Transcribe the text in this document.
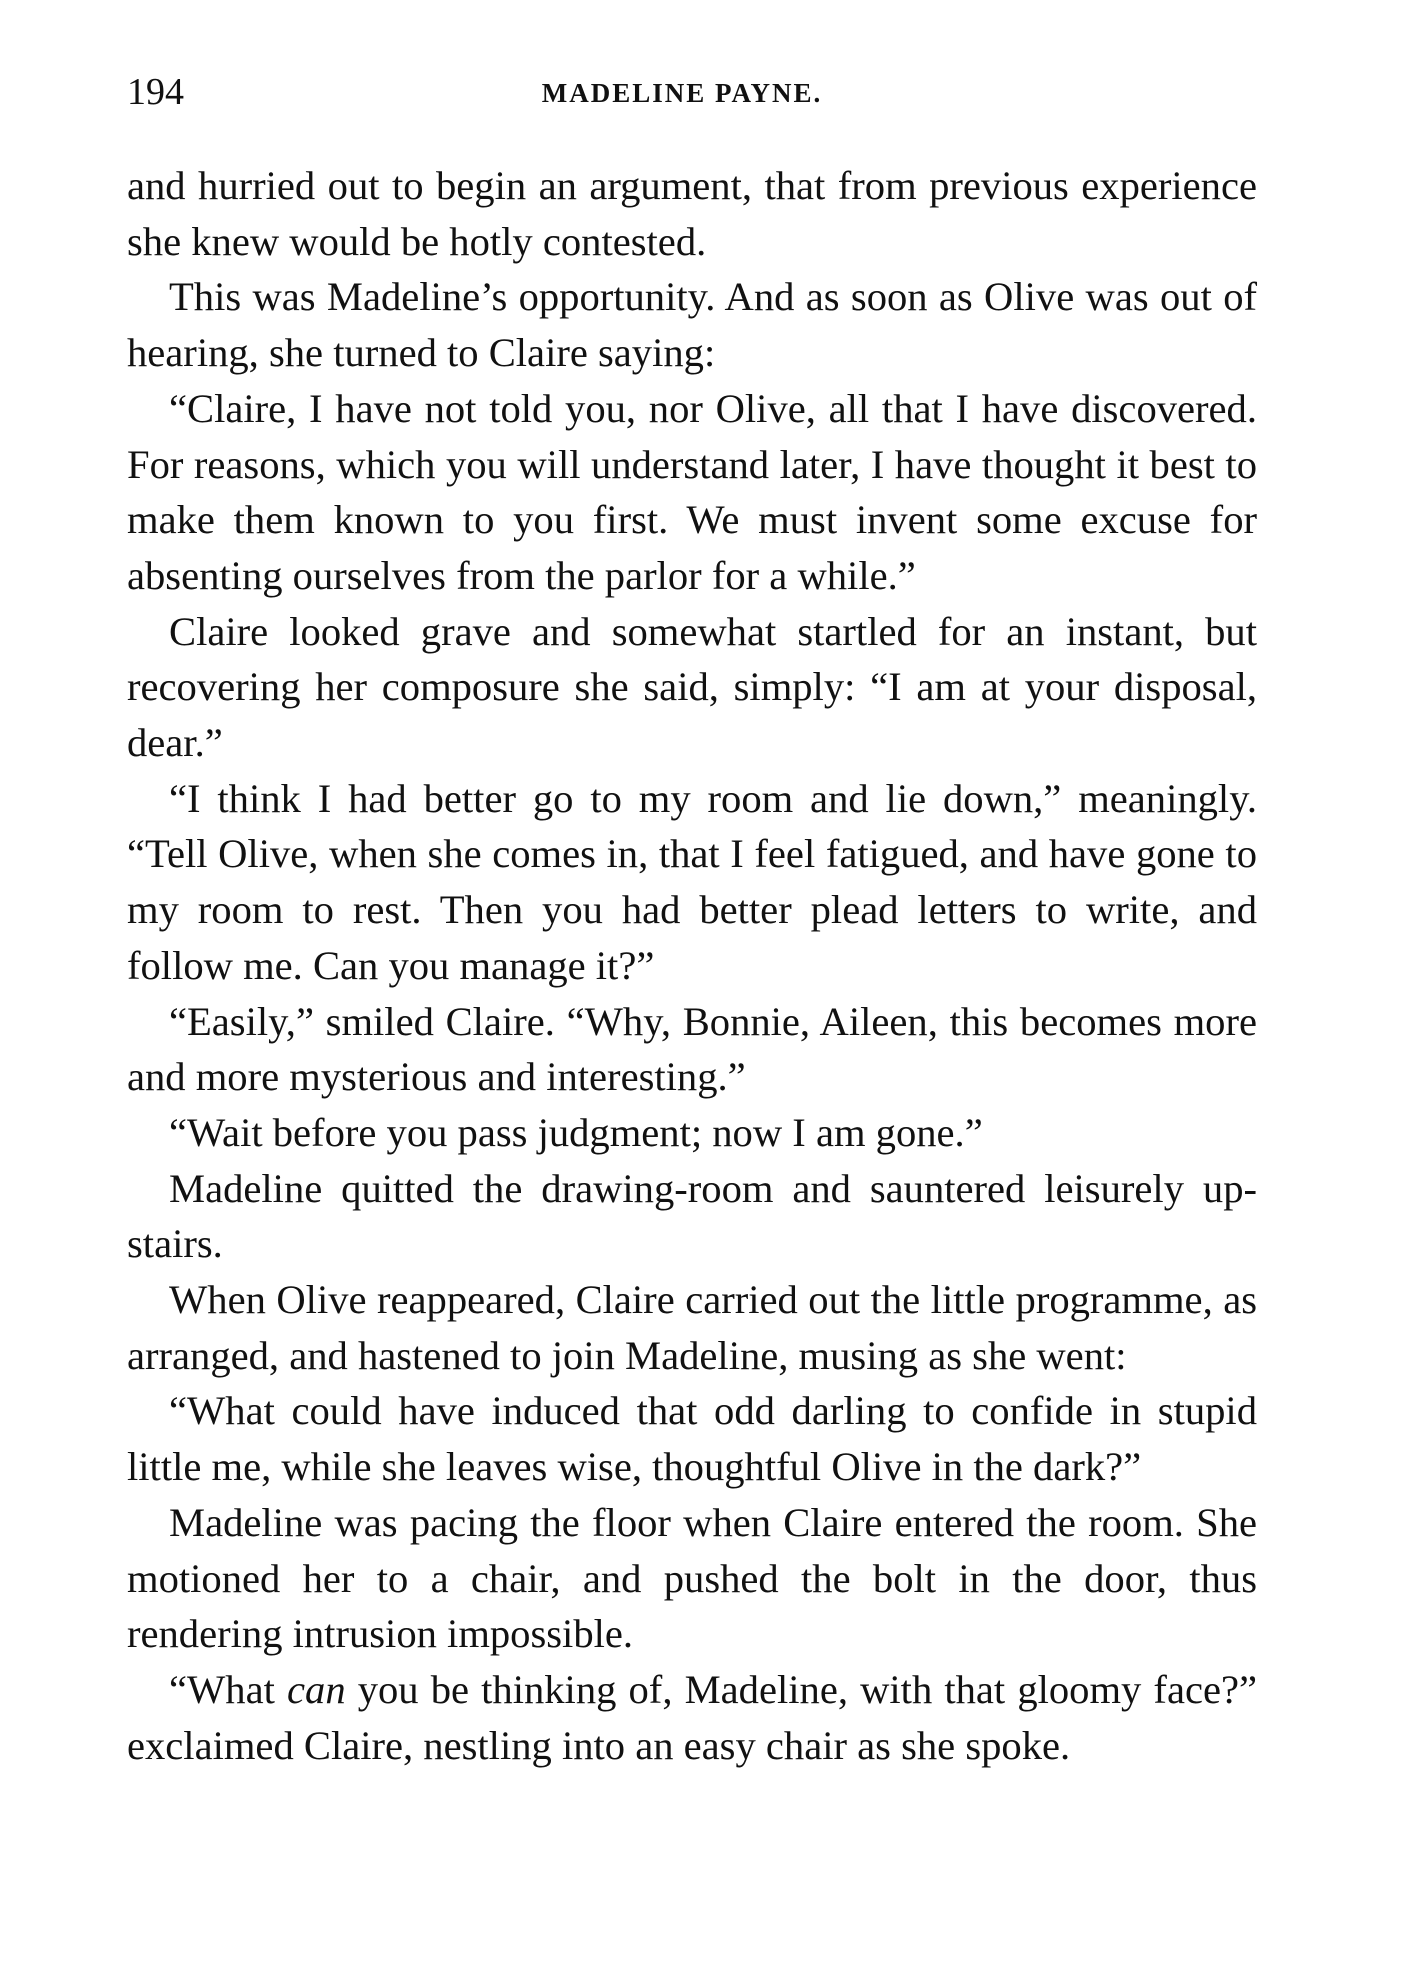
194	MADELINE PAYNE.

and hurried out to begin an argument, that from previous experience she knew would be hotly contested.

This was Madeline’s opportunity. And as soon as Olive was out of hearing, she turned to Claire saying:

“Claire, I have not told you, nor Olive, all that I have discovered. For reasons, which you will understand later, I have thought it best to make them known to you first. We must invent some excuse for absenting ourselves from the parlor for a while.”

Claire looked grave and somewhat startled for an instant, but recovering her composure she said, simply: “I am at your disposal, dear.”

“I think I had better go to my room and lie down,” meaningly. “Tell Olive, when she comes in, that I feel fatigued, and have gone to my room to rest. Then you had better plead letters to write, and follow me. Can you manage it?”

“Easily,” smiled Claire. “Why, Bonnie, Aileen, this becomes more and more mysterious and interesting.”

“Wait before you pass judgment; now I am gone.”

Madeline quitted the drawing-room and sauntered leisurely up-stairs.

When Olive reappeared, Claire carried out the little programme, as arranged, and hastened to join Madeline, musing as she went:

“What could have induced that odd darling to confide in stupid little me, while she leaves wise, thoughtful Olive in the dark?”

Madeline was pacing the floor when Claire entered the room. She motioned her to a chair, and pushed the bolt in the door, thus rendering intrusion impossible.

“What can you be thinking of, Madeline, with that gloomy face?” exclaimed Claire, nestling into an easy chair as she spoke.
